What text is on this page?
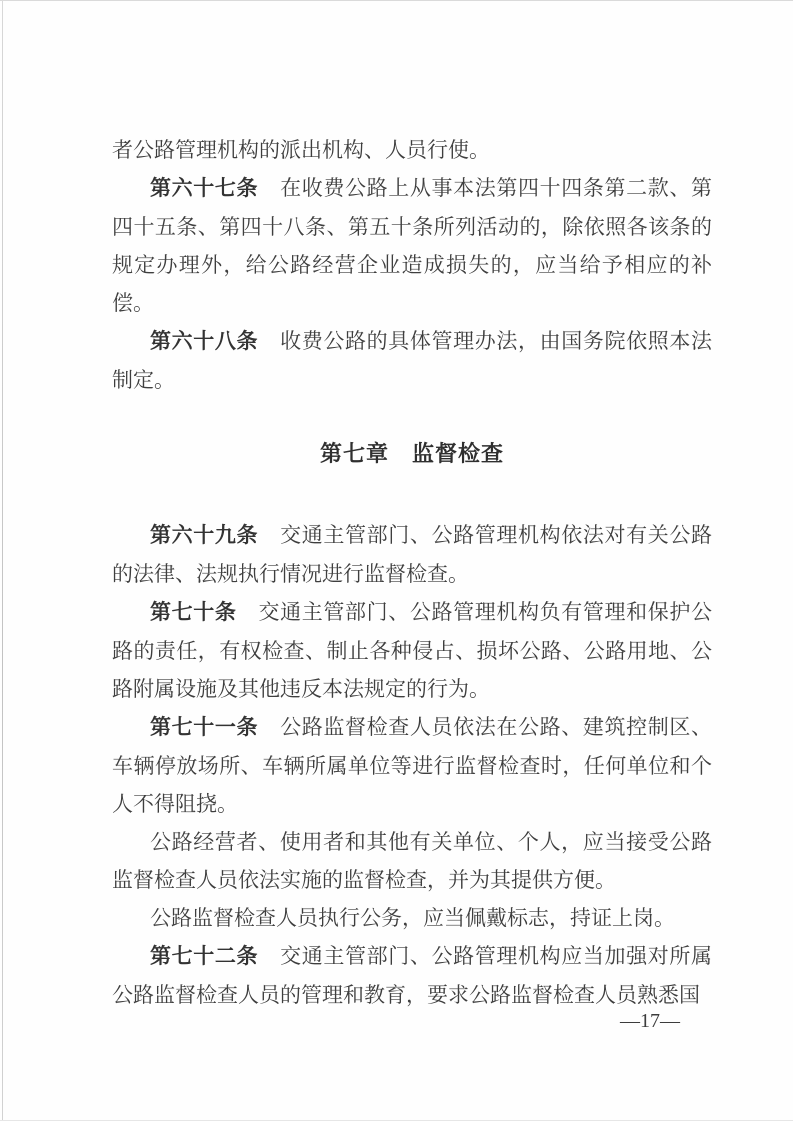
者公路管理机构的派出机构、人员行使。

第六十七条 在收费公路上从事本法第四十四条第二款、第四十五条、第四十八条、第五十条所列活动的，除依照各该条的规定办理外，给公路经营企业造成损失的，应当给予相应的补偿。

第六十八条 收费公路的具体管理办法，由国务院依照本法制定。

第七章　监督检查

第六十九条 交通主管部门、公路管理机构依法对有关公路的法律、法规执行情况进行监督检查。

第七十条 交通主管部门、公路管理机构负有管理和保护公路的责任，有权检查、制止各种侵占、损坏公路、公路用地、公路附属设施及其他违反本法规定的行为。

第七十一条 公路监督检查人员依法在公路、建筑控制区、车辆停放场所、车辆所属单位等进行监督检查时，任何单位和个人不得阻挠。

公路经营者、使用者和其他有关单位、个人，应当接受公路监督检查人员依法实施的监督检查，并为其提供方便。

公路监督检查人员执行公务，应当佩戴标志，持证上岗。

第七十二条 交通主管部门、公路管理机构应当加强对所属公路监督检查人员的管理和教育，要求公路监督检查人员熟悉国

—17—
